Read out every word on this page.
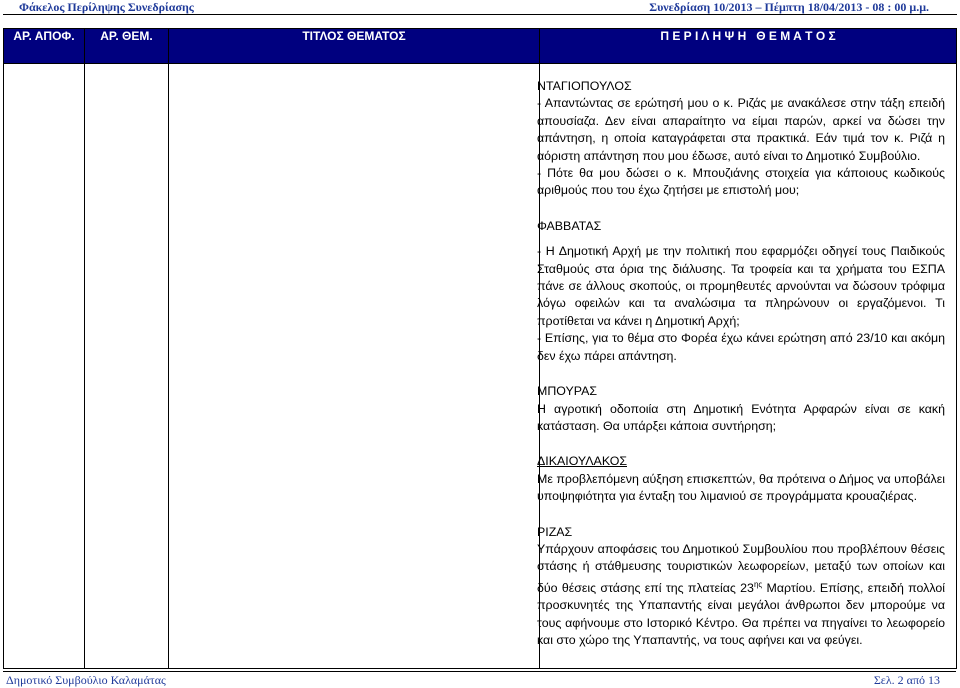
Φάκελος Περίληψης Συνεδρίασης	Συνεδρίαση 10/2013 – Πέμπτη 18/04/2013 - 08 : 00 μ.μ.
ΑΡ. ΑΠΟΦ.	ΑΡ. ΘΕΜ.	ΤΙΤΛΟΣ ΘΕΜΑΤΟΣ	Π Ε Ρ Ι Λ Η Ψ Η   Θ Ε Μ Α Τ Ο Σ

ΝΤΑΓΙΟΠΟΥΛΟΣ

- Απαντώντας σε ερώτησή μου ο κ. Ριζάς με ανακάλεσε στην τάξη επειδή απουσίαζα. Δεν είναι απαραίτητο να είμαι παρών, αρκεί να δώσει την απάντηση, η οποία καταγράφεται στα πρακτικά. Εάν τιμά τον κ. Ριζά η αόριστη απάντηση που μου έδωσε, αυτό είναι το Δημοτικό Συμβούλιο.

- Πότε θα μου δώσει ο κ. Μπουζιάνης στοιχεία για κάποιους κωδικούς αριθμούς που του έχω ζητήσει με επιστολή μου;

ΦΑΒΒΑΤΑΣ

- Η Δημοτική Αρχή με την πολιτική που εφαρμόζει οδηγεί τους Παιδικούς Σταθμούς στα όρια της διάλυσης. Τα τροφεία και τα χρήματα του ΕΣΠΑ πάνε σε άλλους σκοπούς, οι προμηθευτές αρνούνται να δώσουν τρόφιμα λόγω οφειλών και τα αναλώσιμα τα πληρώνουν οι εργαζόμενοι. Τι προτίθεται να κάνει η Δημοτική Αρχή;

- Επίσης, για το θέμα στο Φορέα έχω κάνει ερώτηση από 23/10 και ακόμη δεν έχω πάρει απάντηση.

ΜΠΟΥΡΑΣ

Η αγροτική οδοποιία στη Δημοτική Ενότητα Αρφαρών είναι σε κακή κατάσταση. Θα υπάρξει κάποια συντήρηση;

ΔΙΚΑΙΟΥΛΑΚΟΣ

Με προβλεπόμενη αύξηση επισκεπτών, θα πρότεινα ο Δήμος να υποβάλει υποψηφιότητα για ένταξη του λιμανιού σε προγράμματα κρουαζιέρας.

ΡΙΖΑΣ

Υπάρχουν αποφάσεις του Δημοτικού Συμβουλίου που προβλέπουν θέσεις στάσης ή στάθμευσης τουριστικών λεωφορείων, μεταξύ των οποίων και δύο θέσεις στάσης επί της πλατείας $23^{\eta\varsigma}$ Μαρτίου. Επίσης, επειδή πολλοί προσκυνητές της Υπαπαντής είναι μεγάλοι άνθρωποι δεν μπορούμε να τους αφήνουμε στο Ιστορικό Κέντρο. Θα πρέπει να πηγαίνει το λεωφορείο και στο χώρο της Υπαπαντής, να τους αφήνει και να φεύγει.

Δημοτικό Συμβούλιο Καλαμάτας	Σελ. 2 από 13
